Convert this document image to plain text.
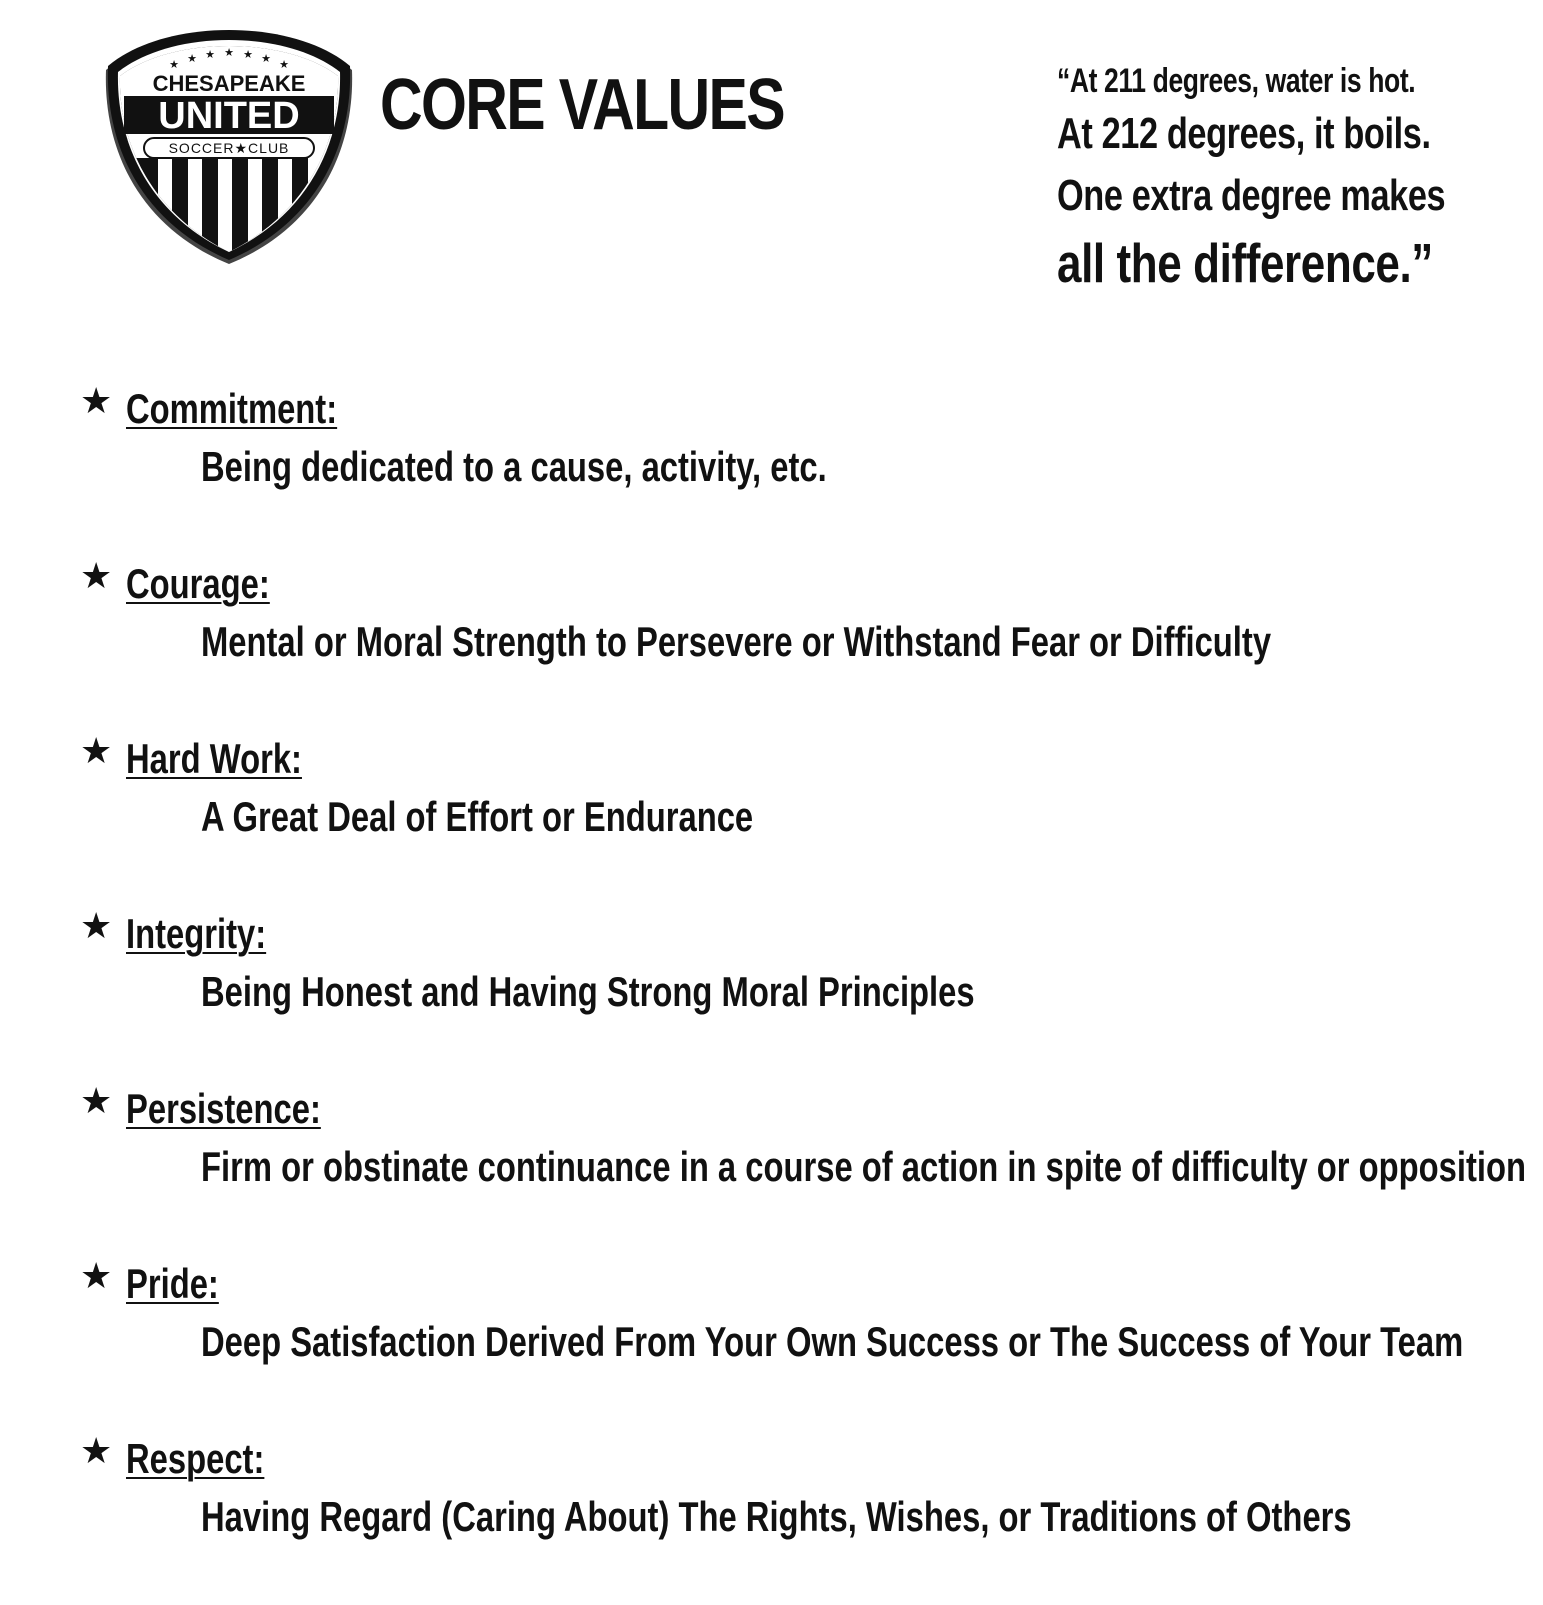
★ ★ ★ ★ ★ ★ ★
CHESAPEAKE
UNITED
SOCCER★CLUB
CORE VALUES	“At 211 degrees, water is hot.
At 212 degrees, it boils.
One extra degree makes
all the difference.”
★ Commitment:
Being dedicated to a cause, activity, etc.
★ Courage:
Mental or Moral Strength to Persevere or Withstand Fear or Difficulty
★ Hard Work:
A Great Deal of Effort or Endurance
★ Integrity:
Being Honest and Having Strong Moral Principles
★ Persistence:
Firm or obstinate continuance in a course of action in spite of difficulty or opposition
★ Pride:
Deep Satisfaction Derived From Your Own Success or The Success of Your Team
★ Respect:
Having Regard (Caring About) The Rights, Wishes, or Traditions of Others
